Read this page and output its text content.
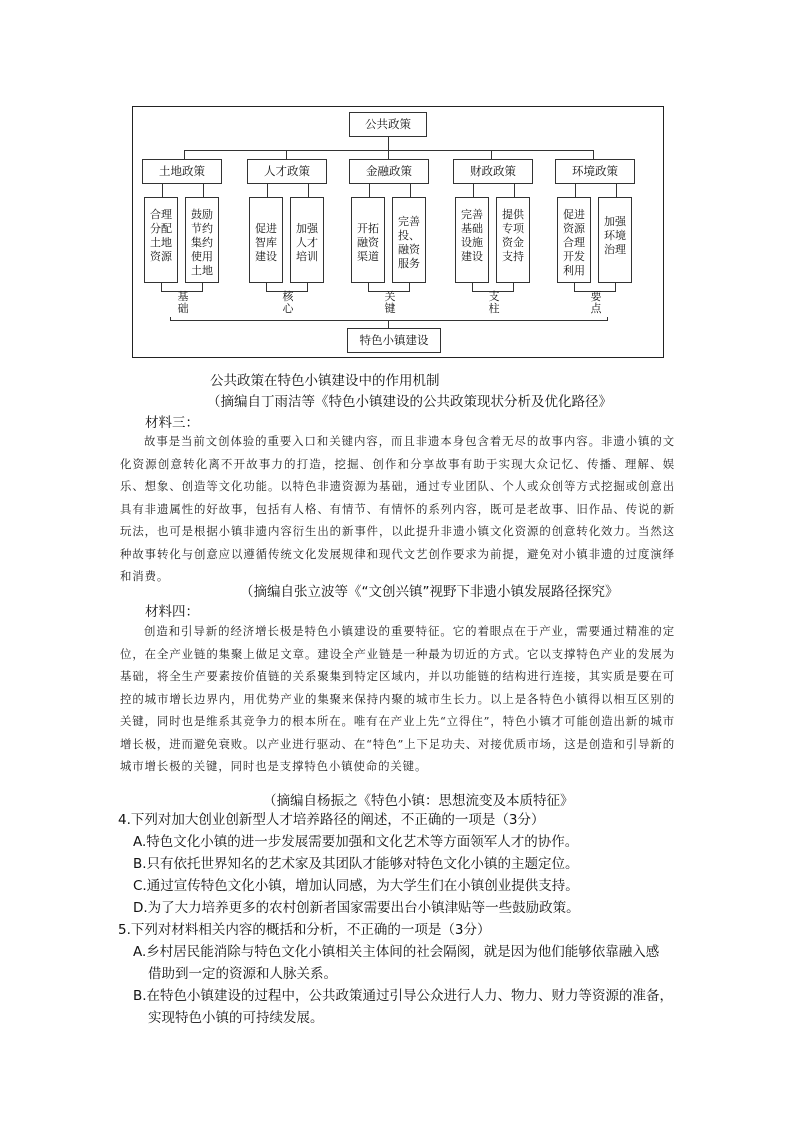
公共政策
土地政策
合理分配土地资源
鼓励节约集约使用土地
基础
人才政策
促进智库建设
加强人才培训
核心
金融政策
开拓融资渠道
完善投、融资服务
关键
财政政策
完善基础设施建设
提供专项资金支持
支柱
环境政策
促进资源合理开发利用
加强环境治理
要点
特色小镇建设
公共政策在特色小镇建设中的作用机制
（摘编自丁雨洁等《特色小镇建设的公共政策现状分析及优化路径》
材料三：

故事是当前文创体验的重要入口和关键内容，而且非遗本身包含着无尽的故事内容。非遗小镇的文化资源创意转化离不开故事力的打造，挖掘、创作和分享故事有助于实现大众记忆、传播、理解、娱乐、想象、创造等文化功能。以特色非遗资源为基础，通过专业团队、个人或众创等方式挖掘或创意出具有非遗属性的好故事，包括有人格、有情节、有情怀的系列内容，既可是老故事、旧作品、传说的新玩法，也可是根据小镇非遗内容衍生出的新事件，以此提升非遗小镇文化资源的创意转化效力。当然这种故事转化与创意应以遵循传统文化发展规律和现代文艺创作要求为前提，避免对小镇非遗的过度演绎和消费。

（摘编自张立波等《“文创兴镇”视野下非遗小镇发展路径探究》
材料四：

创造和引导新的经济增长极是特色小镇建设的重要特征。它的着眼点在于产业，需要通过精准的定位，在全产业链的集聚上做足文章。建设全产业链是一种最为切近的方式。它以支撑特色产业的发展为基础，将全生产要素按价值链的关系聚集到特定区域内，并以功能链的结构进行连接，其实质是要在可控的城市增长边界内，用优势产业的集聚来保持内聚的城市生长力。以上是各特色小镇得以相互区别的关键，同时也是维系其竞争力的根本所在。唯有在产业上先“立得住”，特色小镇才可能创造出新的城市增长极，进而避免衰败。以产业进行驱动、在“特色”上下足功夫、对接优质市场，这是创造和引导新的城市增长极的关键，同时也是支撑特色小镇使命的关键。

（摘编自杨振之《特色小镇：思想流变及本质特征》
4.下列对加大创业创新型人才培养路径的阐述，不正确的一项是（3分）
A.特色文化小镇的进一步发展需要加强和文化艺术等方面领军人才的协作。
B.只有依托世界知名的艺术家及其团队才能够对特色文化小镇的主题定位。
C.通过宣传特色文化小镇，增加认同感，为大学生们在小镇创业提供支持。
D.为了大力培养更多的农村创新者国家需要出台小镇津贴等一些鼓励政策。
5.下列对材料相关内容的概括和分析，不正确的一项是（3分）
A.乡村居民能消除与特色文化小镇相关主体间的社会隔阂，就是因为他们能够依靠融入感
借助到一定的资源和人脉关系。
B.在特色小镇建设的过程中，公共政策通过引导公众进行人力、物力、财力等资源的准备，
实现特色小镇的可持续发展。
